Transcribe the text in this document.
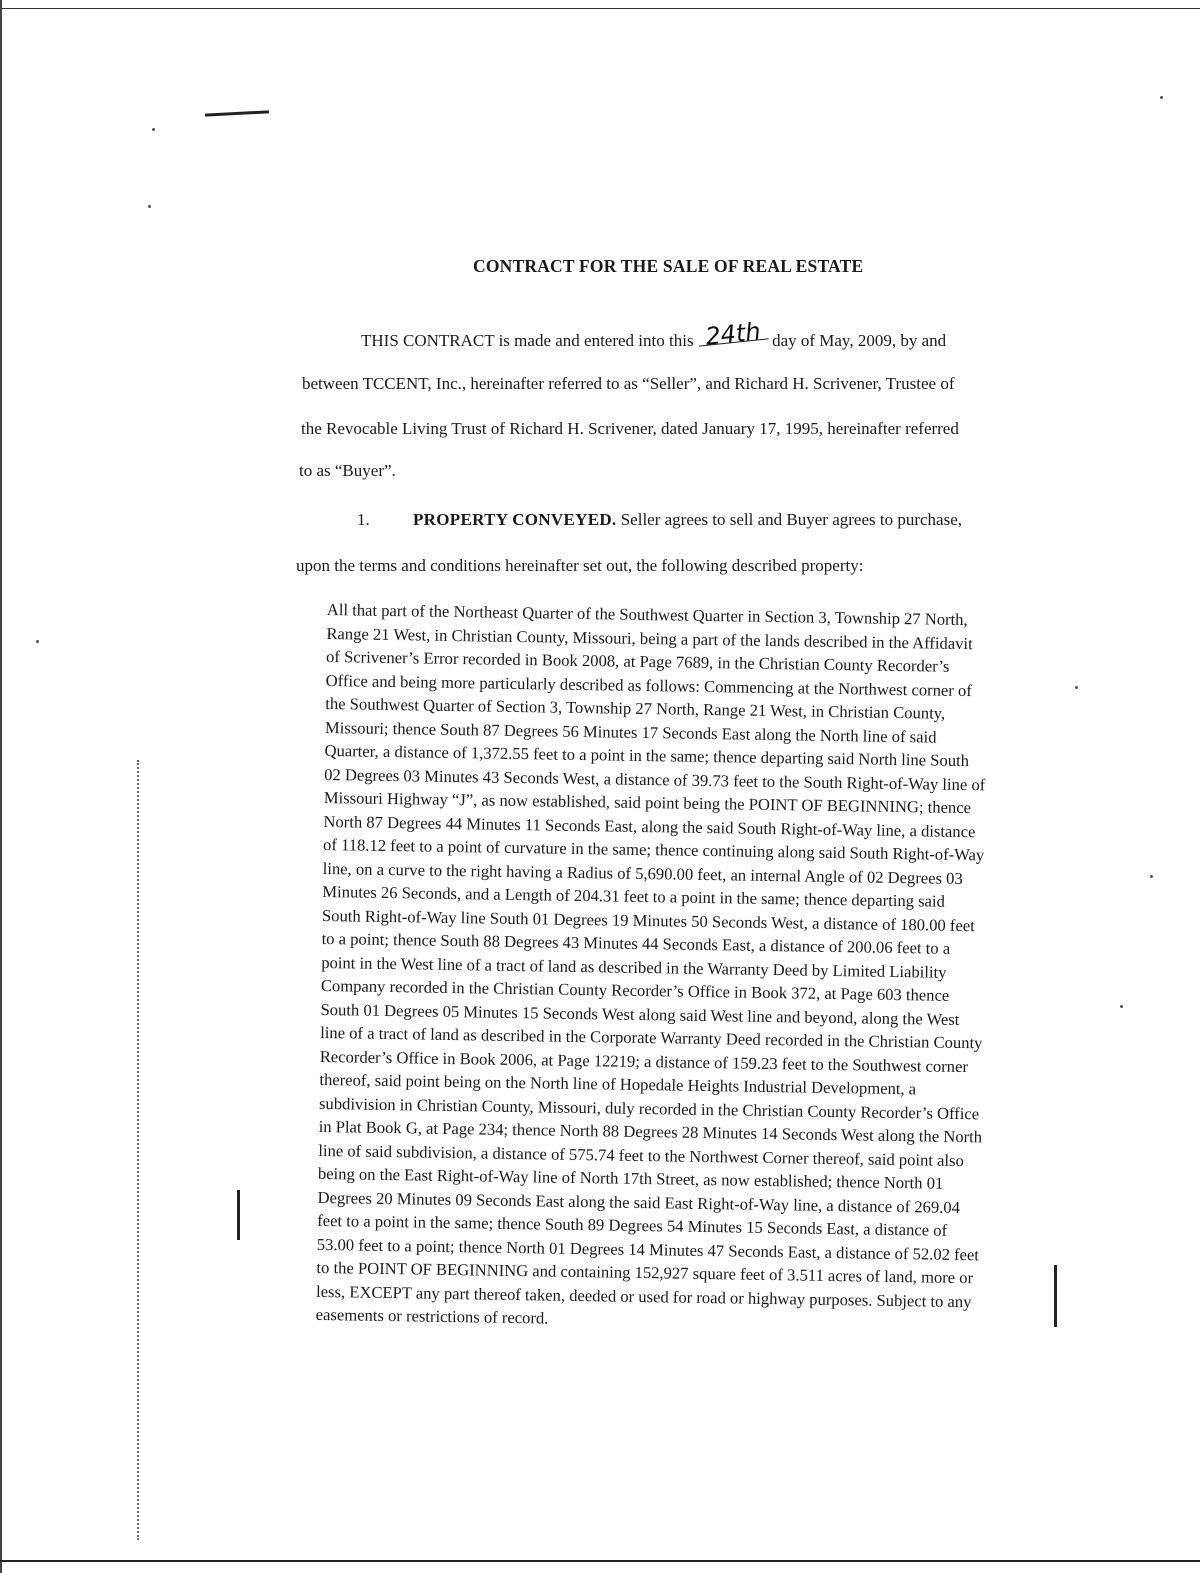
CONTRACT FOR THE SALE OF REAL ESTATE
THIS CONTRACT is made and entered into this 24th day of May, 2009, by and
between TCCENT, Inc., hereinafter referred to as “Seller”, and Richard H. Scrivener, Trustee of
the Revocable Living Trust of Richard H. Scrivener, dated January 17, 1995, hereinafter referred
to as “Buyer”.
1.	PROPERTY CONVEYED. Seller agrees to sell and Buyer agrees to purchase,
upon the terms and conditions hereinafter set out, the following described property:
All that part of the Northeast Quarter of the Southwest Quarter in Section 3, Township 27 North, Range 21 West, in Christian County, Missouri, being a part of the lands described in the Affidavit of Scrivener’s Error recorded in Book 2008, at Page 7689, in the Christian County Recorder’s Office and being more particularly described as follows: Commencing at the Northwest corner of the Southwest Quarter of Section 3, Township 27 North, Range 21 West, in Christian County, Missouri; thence South 87 Degrees 56 Minutes 17 Seconds East along the North line of said Quarter, a distance of 1,372.55 feet to a point in the same; thence departing said North line South 02 Degrees 03 Minutes 43 Seconds West, a distance of 39.73 feet to the South Right-of-Way line of Missouri Highway “J”, as now established, said point being the POINT OF BEGINNING; thence North 87 Degrees 44 Minutes 11 Seconds East, along the said South Right-of-Way line, a distance of 118.12 feet to a point of curvature in the same; thence continuing along said South Right-of-Way line, on a curve to the right having a Radius of 5,690.00 feet, an internal Angle of 02 Degrees 03 Minutes 26 Seconds, and a Length of 204.31 feet to a point in the same; thence departing said South Right-of-Way line South 01 Degrees 19 Minutes 50 Seconds West, a distance of 180.00 feet to a point; thence South 88 Degrees 43 Minutes 44 Seconds East, a distance of 200.06 feet to a point in the West line of a tract of land as described in the Warranty Deed by Limited Liability Company recorded in the Christian County Recorder’s Office in Book 372, at Page 603 thence South 01 Degrees 05 Minutes 15 Seconds West along said West line and beyond, along the West line of a tract of land as described in the Corporate Warranty Deed recorded in the Christian County Recorder’s Office in Book 2006, at Page 12219; a distance of 159.23 feet to the Southwest corner thereof, said point being on the North line of Hopedale Heights Industrial Development, a subdivision in Christian County, Missouri, duly recorded in the Christian County Recorder’s Office in Plat Book G, at Page 234; thence North 88 Degrees 28 Minutes 14 Seconds West along the North line of said subdivision, a distance of 575.74 feet to the Northwest Corner thereof, said point also being on the East Right-of-Way line of North 17th Street, as now established; thence North 01 Degrees 20 Minutes 09 Seconds East along the said East Right-of-Way line, a distance of 269.04 feet to a point in the same; thence South 89 Degrees 54 Minutes 15 Seconds East, a distance of 53.00 feet to a point; thence North 01 Degrees 14 Minutes 47 Seconds East, a distance of 52.02 feet to the POINT OF BEGINNING and containing 152,927 square feet of 3.511 acres of land, more or less, EXCEPT any part thereof taken, deeded or used for road or highway purposes. Subject to any easements or restrictions of record.
